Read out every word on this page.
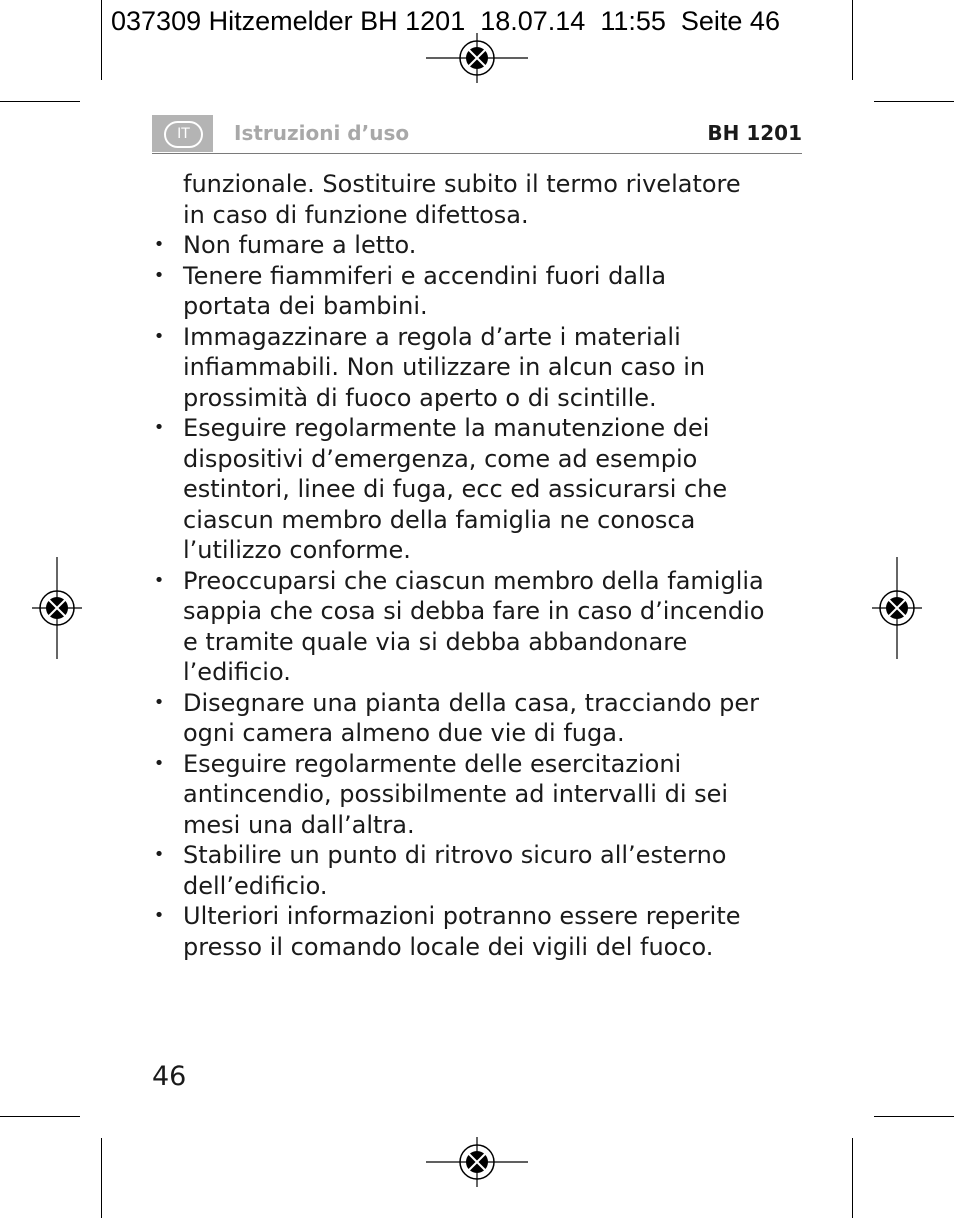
037309 Hitzemelder BH 1201  18.07.14  11:55  Seite 46
IT	Istruzioni d’uso	BH 1201

funzionale. Sostituire subito il termo rivelatore
in caso di funzione difettosa.

• Non fumare a letto.
• Tenere fiammiferi e accendini fuori dalla
portata dei bambini.
• Immagazzinare a regola d’arte i materiali
infiammabili. Non utilizzare in alcun caso in
prossimità di fuoco aperto o di scintille.
• Eseguire regolarmente la manutenzione dei
dispositivi d’emergenza, come ad esempio
estintori, linee di fuga, ecc ed assicurarsi che
ciascun membro della famiglia ne conosca
l’utilizzo conforme.
• Preoccuparsi che ciascun membro della famiglia
sappia che cosa si debba fare in caso d’incendio
e tramite quale via si debba abbandonare
l’edificio.
• Disegnare una pianta della casa, tracciando per
ogni camera almeno due vie di fuga.
• Eseguire regolarmente delle esercitazioni
antincendio, possibilmente ad intervalli di sei
mesi una dall’altra.
• Stabilire un punto di ritrovo sicuro all’esterno
dell’edificio.
• Ulteriori informazioni potranno essere reperite
presso il comando locale dei vigili del fuoco.
46
